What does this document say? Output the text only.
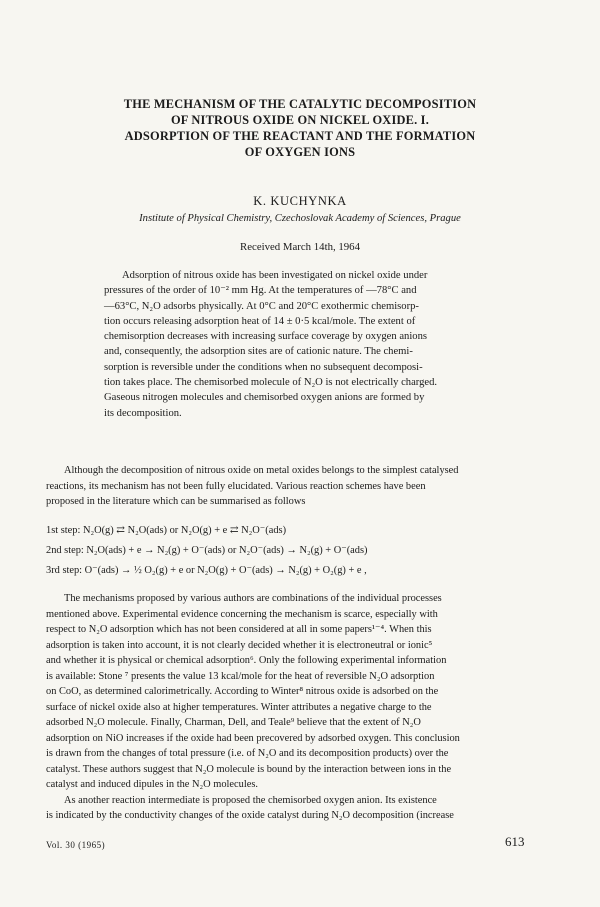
THE MECHANISM OF THE CATALYTIC DECOMPOSITION
OF NITROUS OXIDE ON NICKEL OXIDE. I.
ADSORPTION OF THE REACTANT AND THE FORMATION
OF OXYGEN IONS
K. KUCHYNKA
Institute of Physical Chemistry, Czechoslovak Academy of Sciences, Prague
Received March 14th, 1964
Adsorption of nitrous oxide has been investigated on nickel oxide under
pressures of the order of 10⁻² mm Hg. At the temperatures of —78°C and
—63°C, N₂O adsorbs physically. At 0°C and 20°C exothermic chemisorp-
tion occurs releasing adsorption heat of 14 ± 0·5 kcal/mole. The extent of
chemisorption decreases with increasing surface coverage by oxygen anions
and, consequently, the adsorption sites are of cationic nature. The chemi-
sorption is reversible under the conditions when no subsequent decomposi-
tion takes place. The chemisorbed molecule of N₂O is not electrically charged.
Gaseous nitrogen molecules and chemisorbed oxygen anions are formed by
its decomposition.
Although the decomposition of nitrous oxide on metal oxides belongs to the simplest catalysed
reactions, its mechanism has not been fully elucidated. Various reaction schemes have been
proposed in the literature which can be summarised as follows
1st step: N₂O(g) ⇄ N₂O(ads) or N₂O(g) + e ⇄ N₂O⁻(ads)
2nd step: N₂O(ads) + e → N₂(g) + O⁻(ads) or N₂O⁻(ads) → N₂(g) + O⁻(ads)
3rd step: O⁻(ads) → ½ O₂(g) + e or N₂O(g) + O⁻(ads) → N₂(g) + O₂(g) + e ,
The mechanisms proposed by various authors are combinations of the individual processes
mentioned above. Experimental evidence concerning the mechanism is scarce, especially with
respect to N₂O adsorption which has not been considered at all in some papers¹⁻⁴. When this
adsorption is taken into account, it is not clearly decided whether it is electroneutral or ionic⁵
and whether it is physical or chemical adsorption⁶. Only the following experimental information
is available: Stone ⁷ presents the value 13 kcal/mole for the heat of reversible N₂O adsorption
on CoO, as determined calorimetrically. According to Winter⁸ nitrous oxide is adsorbed on the
surface of nickel oxide also at higher temperatures. Winter attributes a negative charge to the
adsorbed N₂O molecule. Finally, Charman, Dell, and Teale⁹ believe that the extent of N₂O
adsorption on NiO increases if the oxide had been precovered by adsorbed oxygen. This conclusion
is drawn from the changes of total pressure (i.e. of N₂O and its decomposition products) over the
catalyst. These authors suggest that N₂O molecule is bound by the interaction between ions in the
catalyst and induced dipules in the N₂O molecules.
As another reaction intermediate is proposed the chemisorbed oxygen anion. Its existence
is indicated by the conductivity changes of the oxide catalyst during N₂O decomposition (increase
Vol. 30 (1965)	613
